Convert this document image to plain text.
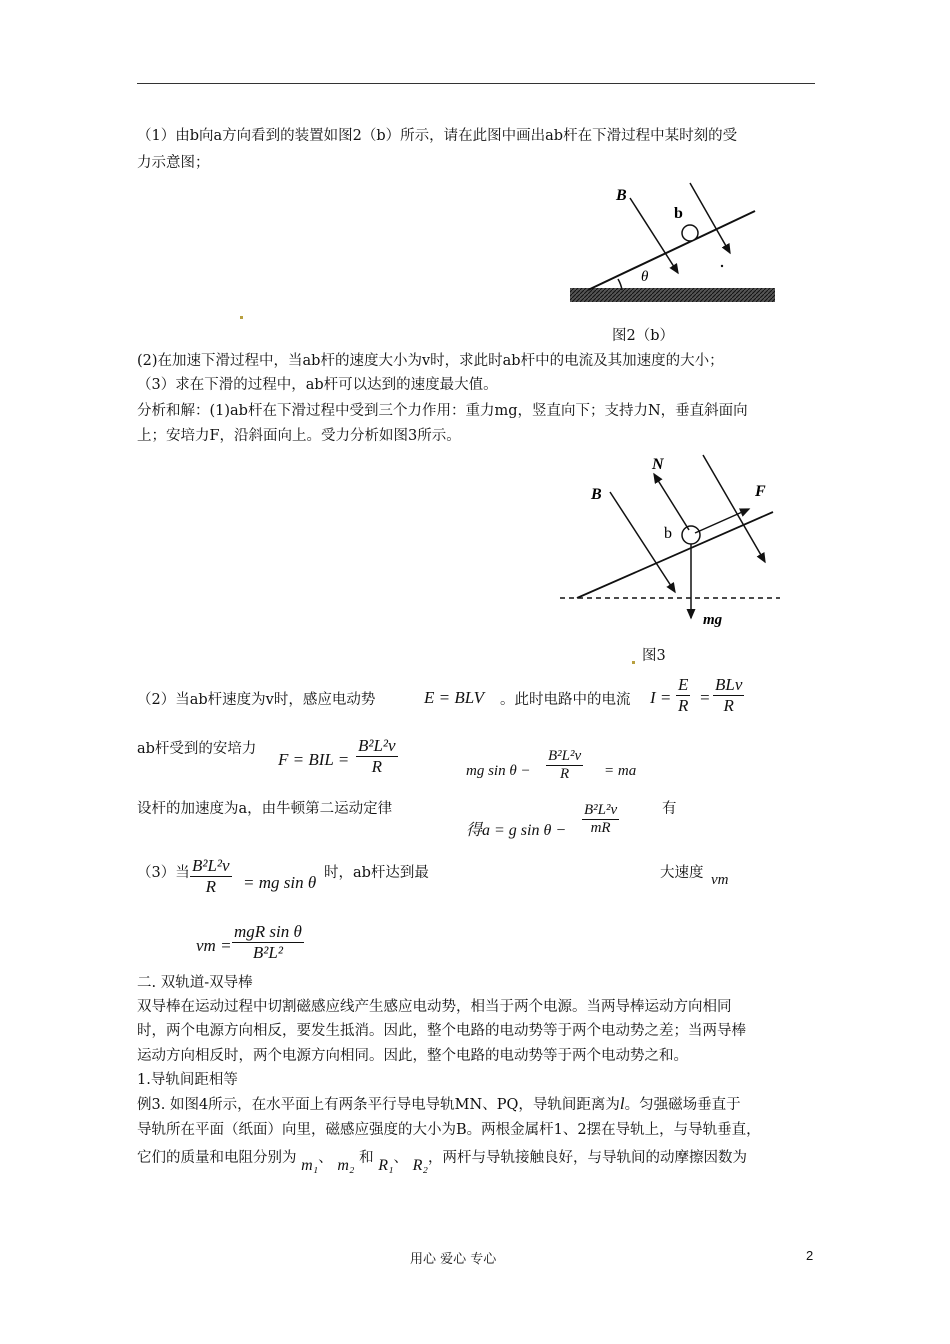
（1）由b向a方向看到的装置如图2（b）所示，请在此图中画出ab杆在下滑过程中某时刻的受
力示意图；
B
b
θ
图2（b）
(2)在加速下滑过程中，当ab杆的速度大小为v时，求此时ab杆中的电流及其加速度的大小；
（3）求在下滑的过程中，ab杆可以达到的速度最大值。
分析和解：(1)ab杆在下滑过程中受到三个力作用：重力mg，竖直向下；支持力N，垂直斜面向
上；安培力F，沿斜面向上。受力分析如图3所示。
N
B	F
b
mg
图3
（2）当ab杆速度为v时，感应电动势	E = BLV 。此时电路中的电流 $I = \frac{E}{R}$ =
BLv
R
ab杆受到的安培力
F = BIL = $\frac{\text{B²L²v}}{R}$	mg $\sin \theta - \frac{\text{B²L²v}}{R}$ = ma
设杆的加速度为a，由牛顿第二运动定律
得a = g $\sin \theta - \frac{\text{B²L²v}}{mR}$	有
（3）当 $\frac{\text{B²L²v}}{R}$ = mg sin θ 时，ab杆达到最	大速度 vm
vm =
mgR sin θ
B²L²
二. 双轨道-双导棒
双导棒在运动过程中切割磁感应线产生感应电动势，相当于两个电源。当两导棒运动方向相同
时，两个电源方向相反，要发生抵消。因此，整个电路的电动势等于两个电动势之差；当两导棒
运动方向相反时，两个电源方向相同。因此，整个电路的电动势等于两个电动势之和。
1.导轨间距相等
例3. 如图4所示，在水平面上有两条平行导电导轨MN、PQ，导轨间距离为l。匀强磁场垂直于
导轨所在平面（纸面）向里，磁感应强度的大小为B。两根金属杆1、2摆在导轨上，与导轨垂直，
它们的质量和电阻分别为 m₁、 m₂ 和 R₁、 R₂，两杆与导轨接触良好，与导轨间的动摩擦因数为
用心 爱心 专心	2
